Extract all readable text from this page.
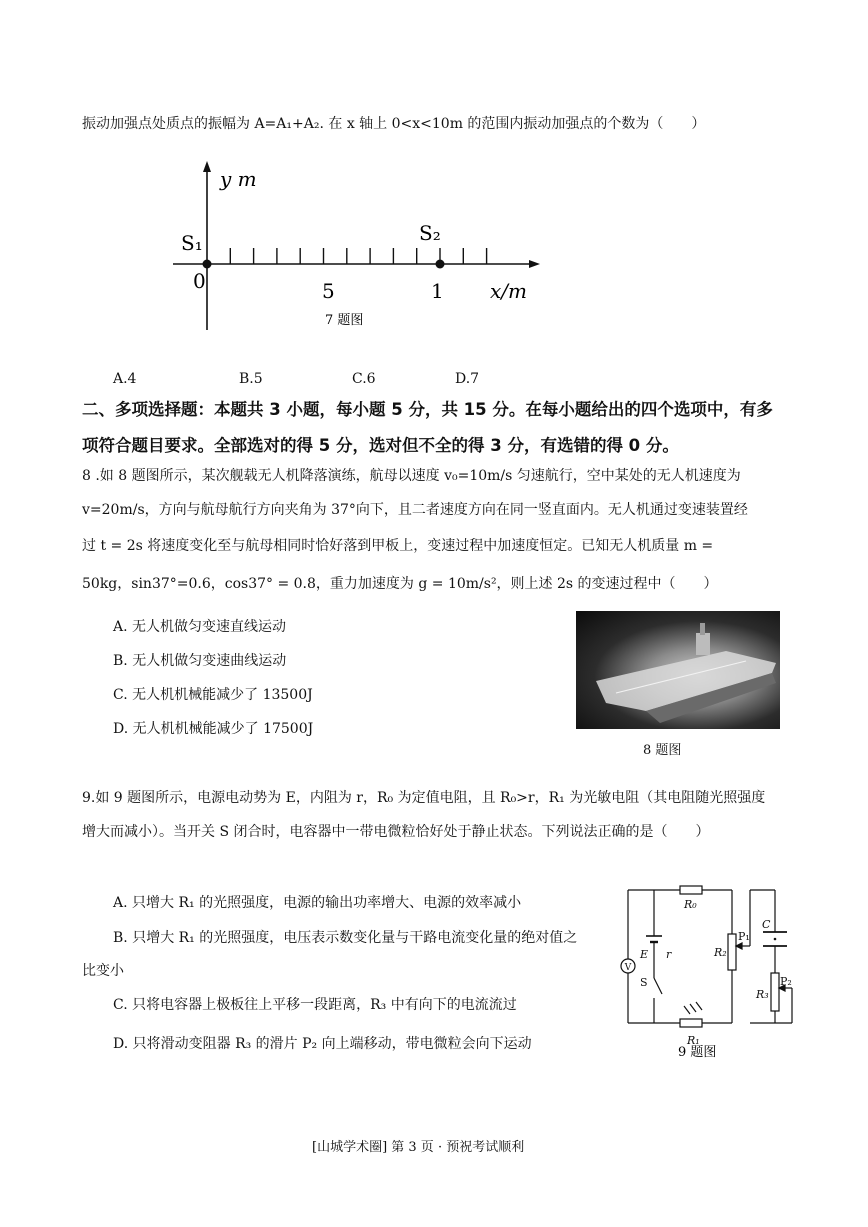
振动加强点处质点的振幅为 A=A₁+A₂. 在 x 轴上 0<x<10m 的范围内振动加强点的个数为（　　）
y m
S₁	S₂
0	5	1 x/m
7 题图
A.4	B.5	C.6	D.7
二、多项选择题：本题共 3 小题，每小题 5 分，共 15 分。在每小题给出的四个选项中，有多
项符合题目要求。全部选对的得 5 分，选对但不全的得 3 分，有选错的得 0 分。
8 .如 8 题图所示，某次舰载无人机降落演练，航母以速度 v₀=10m/s 匀速航行，空中某处的无人机速度为
v=20m/s，方向与航母航行方向夹角为 37°向下，且二者速度方向在同一竖直面内。无人机通过变速装置经
过 t = 2s 将速度变化至与航母相同时恰好落到甲板上，变速过程中加速度恒定。已知无人机质量 m =
50kg，sin37°=0.6，cos37° = 0.8，重力加速度为 g = 10m/s²，则上述 2s 的变速过程中（　　）
A. 无人机做匀变速直线运动
B. 无人机做匀变速曲线运动
C. 无人机机械能减少了 13500J
D. 无人机机械能减少了 17500J
8 题图
9.如 9 题图所示，电源电动势为 E，内阻为 r，R₀ 为定值电阻，且 R₀>r，R₁ 为光敏电阻（其电阻随光照强度
增大而减小）。当开关 S 闭合时，电容器中一带电微粒恰好处于静止状态。下列说法正确的是（　　）
A. 只增大 R₁ 的光照强度，电源的输出功率增大、电源的效率减小
B. 只增大 R₁ 的光照强度，电压表示数变化量与干路电流变化量的绝对值之
比变小
C. 只将电容器上极板往上平移一段距离，R₃ 中有向下的电流流过
D. 只将滑动变阻器 R₃ 的滑片 P₂ 向上端移动，带电微粒会向下运动
V
R₀
R₁
R₂
R₃
P₁
P₂
C
E r
S
9 题图
[山城学术圈] 第 3 页 · 预祝考试顺利
